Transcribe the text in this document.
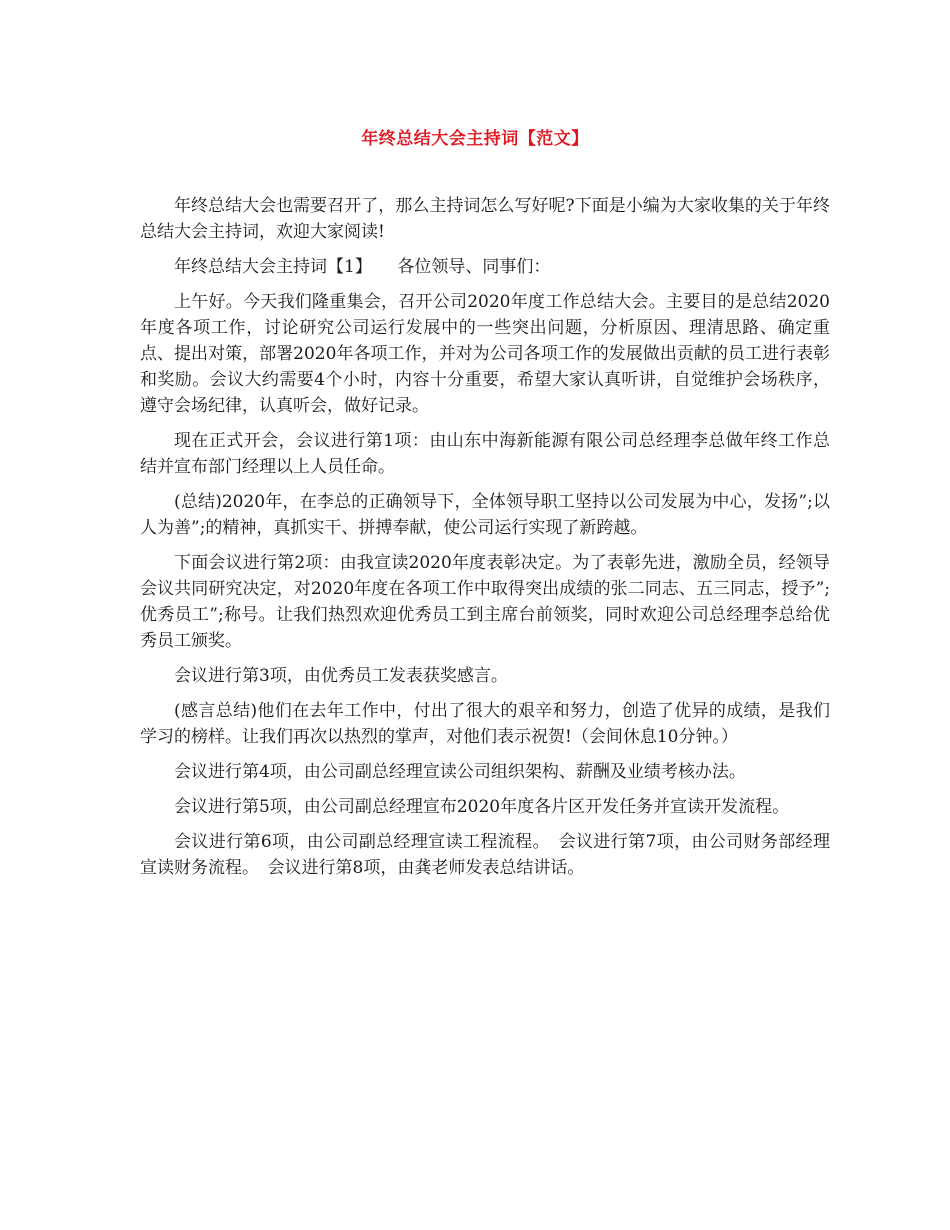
年终总结大会主持词【范文】

年终总结大会也需要召开了，那么主持词怎么写好呢?下面是小编为大家收集的关于年终总结大会主持词，欢迎大家阅读!

年终总结大会主持词【1】　　各位领导、同事们：

上午好。今天我们隆重集会，召开公司2020年度工作总结大会。主要目的是总结2020年度各项工作，讨论研究公司运行发展中的一些突出问题，分析原因、理清思路、确定重点、提出对策，部署2020年各项工作，并对为公司各项工作的发展做出贡献的员工进行表彰和奖励。会议大约需要4个小时，内容十分重要，希望大家认真听讲，自觉维护会场秩序，遵守会场纪律，认真听会，做好记录。

现在正式开会，会议进行第1项：由山东中海新能源有限公司总经理李总做年终工作总结并宣布部门经理以上人员任命。

(总结)2020年，在李总的正确领导下，全体领导职工坚持以公司发展为中心，发扬”;以人为善”;的精神，真抓实干、拼搏奉献，使公司运行实现了新跨越。

下面会议进行第2项：由我宣读2020年度表彰决定。为了表彰先进，激励全员，经领导会议共同研究决定，对2020年度在各项工作中取得突出成绩的张二同志、五三同志，授予”;优秀员工”;称号。让我们热烈欢迎优秀员工到主席台前领奖，同时欢迎公司总经理李总给优秀员工颁奖。

会议进行第3项，由优秀员工发表获奖感言。

(感言总结)他们在去年工作中，付出了很大的艰辛和努力，创造了优异的成绩，是我们学习的榜样。让我们再次以热烈的掌声，对他们表示祝贺!（会间休息10分钟。）

会议进行第4项，由公司副总经理宣读公司组织架构、薪酬及业绩考核办法。

会议进行第5项，由公司副总经理宣布2020年度各片区开发任务并宣读开发流程。

会议进行第6项，由公司副总经理宣读工程流程。　会议进行第7项，由公司财务部经理宣读财务流程。　会议进行第8项，由龚老师发表总结讲话。
